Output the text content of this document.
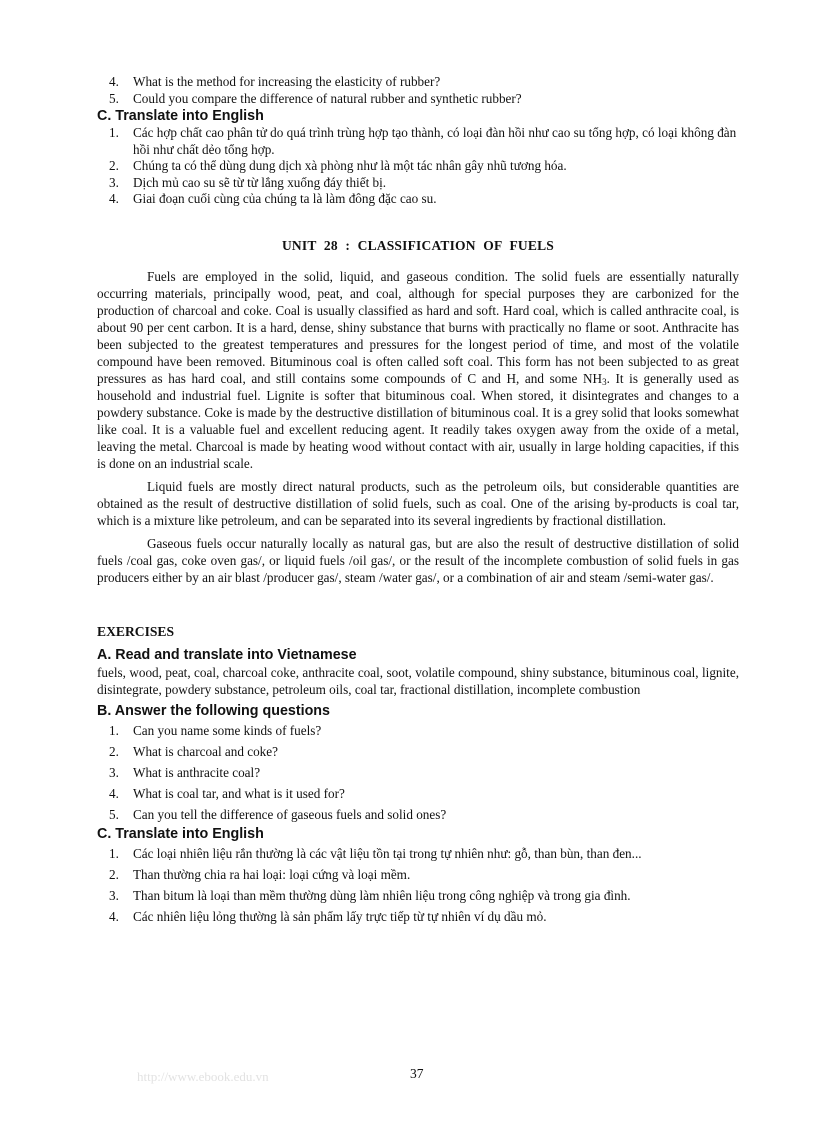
4. What is the method for increasing the elasticity of rubber?
5. Could you compare the difference of natural rubber and synthetic rubber?
C. Translate into English
1. Các hợp chất cao phân tử do quá trình trùng hợp tạo thành, có loại đàn hồi như cao su tổng hợp, có loại không đàn hồi như chất dẻo tổng hợp.
2. Chúng ta có thể dùng dung dịch xà phòng như là một tác nhân gây nhũ tương hóa.
3. Dịch mủ cao su sẽ từ từ lắng xuống đáy thiết bị.
4. Giai đoạn cuối cùng của chúng ta là làm đông đặc cao su.
UNIT 28 : CLASSIFICATION OF FUELS

Fuels are employed in the solid, liquid, and gaseous condition. The solid fuels are essentially naturally occurring materials, principally wood, peat, and coal, although for special purposes they are carbonized for the production of charcoal and coke. Coal is usually classified as hard and soft. Hard coal, which is called anthracite coal, is about 90 per cent carbon. It is a hard, dense, shiny substance that burns with practically no flame or soot. Anthracite has been subjected to the greatest temperatures and pressures for the longest period of time, and most of the volatile compound have been removed. Bituminous coal is often called soft coal. This form has not been subjected to as great pressures as has hard coal, and still contains some compounds of C and H, and some $NH_3$. It is generally used as household and industrial fuel. Lignite is softer that bituminous coal. When stored, it disintegrates and changes to a powdery substance. Coke is made by the destructive distillation of bituminous coal. It is a grey solid that looks somewhat like coal. It is a valuable fuel and excellent reducing agent. It readily takes oxygen away from the oxide of a metal, leaving the metal. Charcoal is made by heating wood without contact with air, usually in large holding capacities, if this is done on an industrial scale.

Liquid fuels are mostly direct natural products, such as the petroleum oils, but considerable quantities are obtained as the result of destructive distillation of solid fuels, such as coal. One of the arising by-products is coal tar, which is a mixture like petroleum, and can be separated into its several ingredients by fractional distillation.

Gaseous fuels occur naturally locally as natural gas, but are also the result of destructive distillation of solid fuels /coal gas, coke oven gas/, or liquid fuels /oil gas/, or the result of the incomplete combustion of solid fuels in gas producers either by an air blast /producer gas/, steam /water gas/, or a combination of air and steam /semi-water gas/.

EXERCISES
A. Read and translate into Vietnamese

fuels, wood, peat, coal, charcoal coke, anthracite coal, soot, volatile compound, shiny substance, bituminous coal, lignite, disintegrate, powdery substance, petroleum oils, coal tar, fractional distillation, incomplete combustion

B. Answer the following questions
1. Can you name some kinds of fuels?
2. What is charcoal and coke?
3. What is anthracite coal?
4. What is coal tar, and what is it used for?
5. Can you tell the difference of gaseous fuels and solid ones?
C. Translate into English
1. Các loại nhiên liệu rắn thường là các vật liệu tồn tại trong tự nhiên như: gỗ, than bùn, than đen...
2. Than thường chia ra hai loại: loại cứng và loại mềm.
3. Than bitum là loại than mềm thường dùng làm nhiên liệu trong công nghiệp và trong gia đình.
4. Các nhiên liệu lỏng thường là sản phẩm lấy trực tiếp từ tự nhiên ví dụ dầu mỏ.
http://www.ebook.edu.vn	37
